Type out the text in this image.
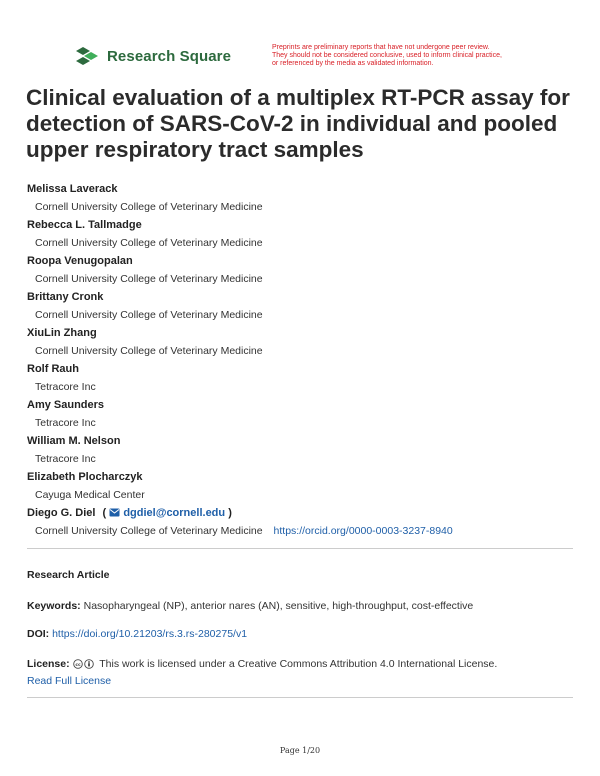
Research Square	Preprints are preliminary reports that have not undergone peer review.
They should not be considered conclusive, used to inform clinical practice,
or referenced by the media as validated information.
Clinical evaluation of a multiplex RT-PCR assay for detection of SARS-CoV-2 in individual and pooled upper respiratory tract samples
Melissa Laverack
Cornell University College of Veterinary Medicine
Rebecca L. Tallmadge
Cornell University College of Veterinary Medicine
Roopa Venugopalan
Cornell University College of Veterinary Medicine
Brittany Cronk
Cornell University College of Veterinary Medicine
XiuLin Zhang
Cornell University College of Veterinary Medicine
Rolf Rauh
Tetracore Inc
Amy Saunders
Tetracore Inc
William M. Nelson
Tetracore Inc
Elizabeth Plocharczyk
Cayuga Medical Center
Diego G. Diel ( dgdiel@cornell.edu )
Cornell University College of Veterinary Medicine https://orcid.org/0000-0003-3237-8940
Research Article
Keywords: Nasopharyngeal (NP), anterior nares (AN), sensitive, high-throughput, cost-effective
DOI: https://doi.org/10.21203/rs.3.rs-280275/v1
License: cc This work is licensed under a Creative Commons Attribution 4.0 International License.
Read Full License
Page 1/20
